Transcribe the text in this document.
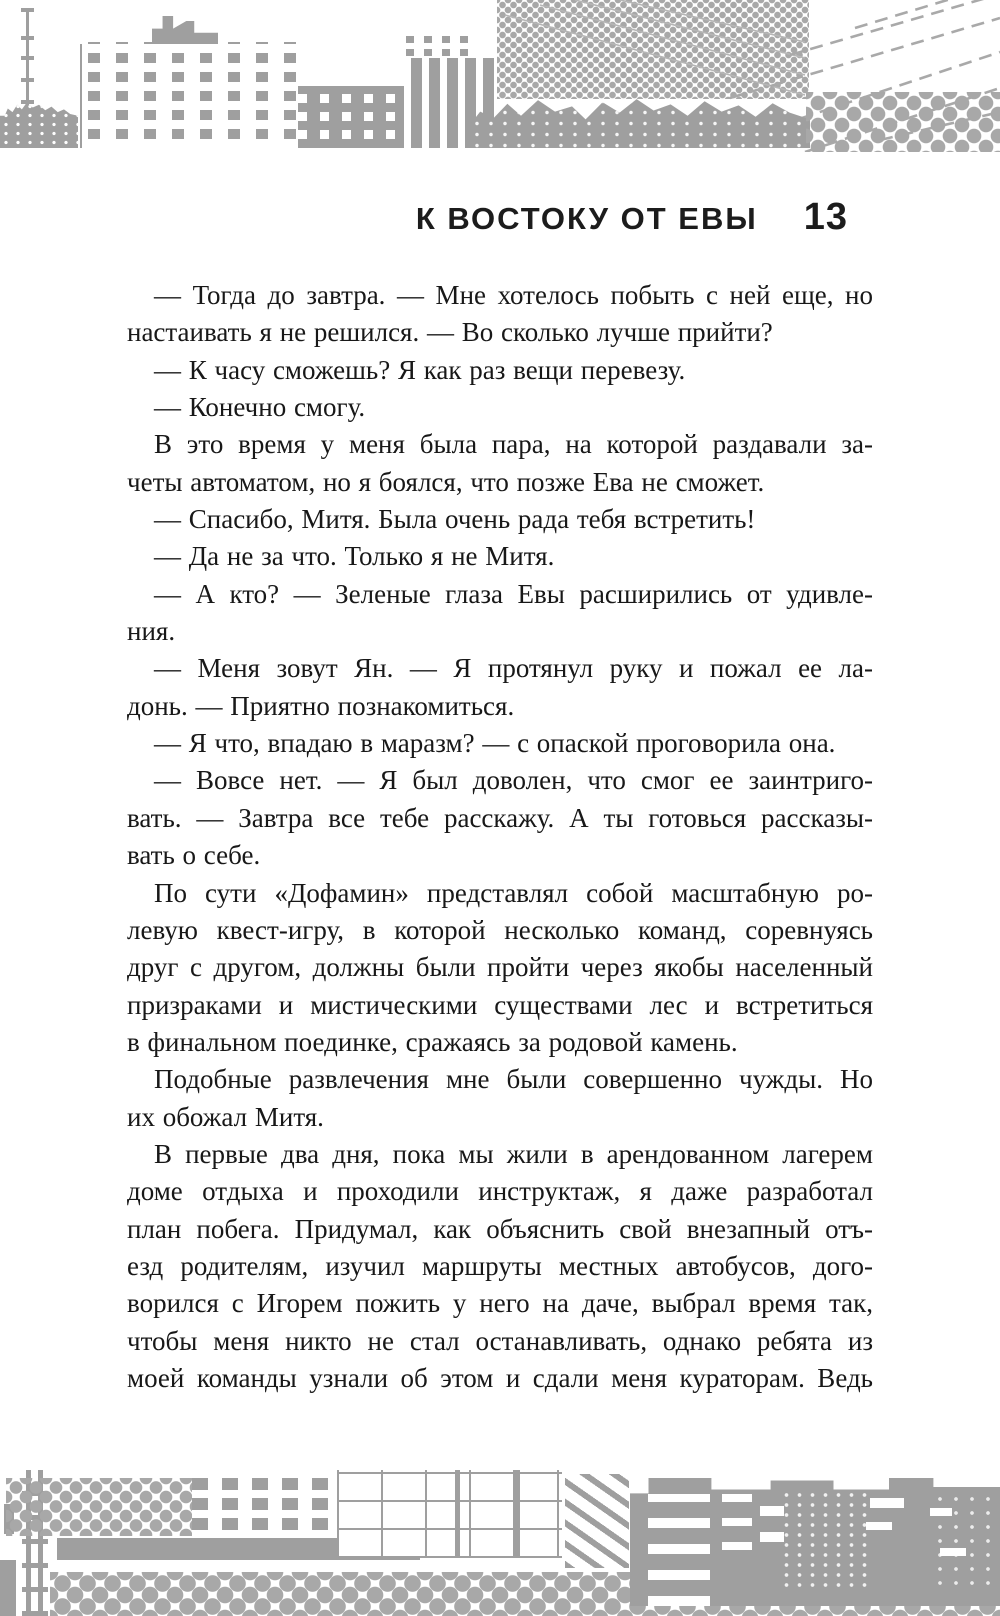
К ВОСТОКУ ОТ ЕВЫ 13
— Тогда до завтра. — Мне хотелось побыть с ней еще, но
настаивать я не решился. — Во сколько лучше прийти?
— К часу сможешь? Я как раз вещи перевезу.
— Конечно смогу.
В это время у меня была пара, на которой раздавали за-
четы автоматом, но я боялся, что позже Ева не сможет.
— Спасибо, Митя. Была очень рада тебя встретить!
— Да не за что. Только я не Митя.
— А кто? — Зеленые глаза Евы расширились от удивле-
ния.
— Меня зовут Ян. — Я протянул руку и пожал ее ла-
донь. — Приятно познакомиться.
— Я что, впадаю в маразм? — с опаской проговорила она.
— Вовсе нет. — Я был доволен, что смог ее заинтриго-
вать. — Завтра все тебе расскажу. А ты готовься рассказы-
вать о себе.
По сути «Дофамин» представлял собой масштабную ро-
левую квест-игру, в которой несколько команд, соревнуясь
друг с другом, должны были пройти через якобы населенный
призраками и мистическими существами лес и встретиться
в финальном поединке, сражаясь за родовой камень.
Подобные развлечения мне были совершенно чужды. Но
их обожал Митя.
В первые два дня, пока мы жили в арендованном лагерем
доме отдыха и проходили инструктаж, я даже разработал
план побега. Придумал, как объяснить свой внезапный отъ-
езд родителям, изучил маршруты местных автобусов, дого-
ворился с Игорем пожить у него на даче, выбрал время так,
чтобы меня никто не стал останавливать, однако ребята из
моей команды узнали об этом и сдали меня кураторам. Ведь
